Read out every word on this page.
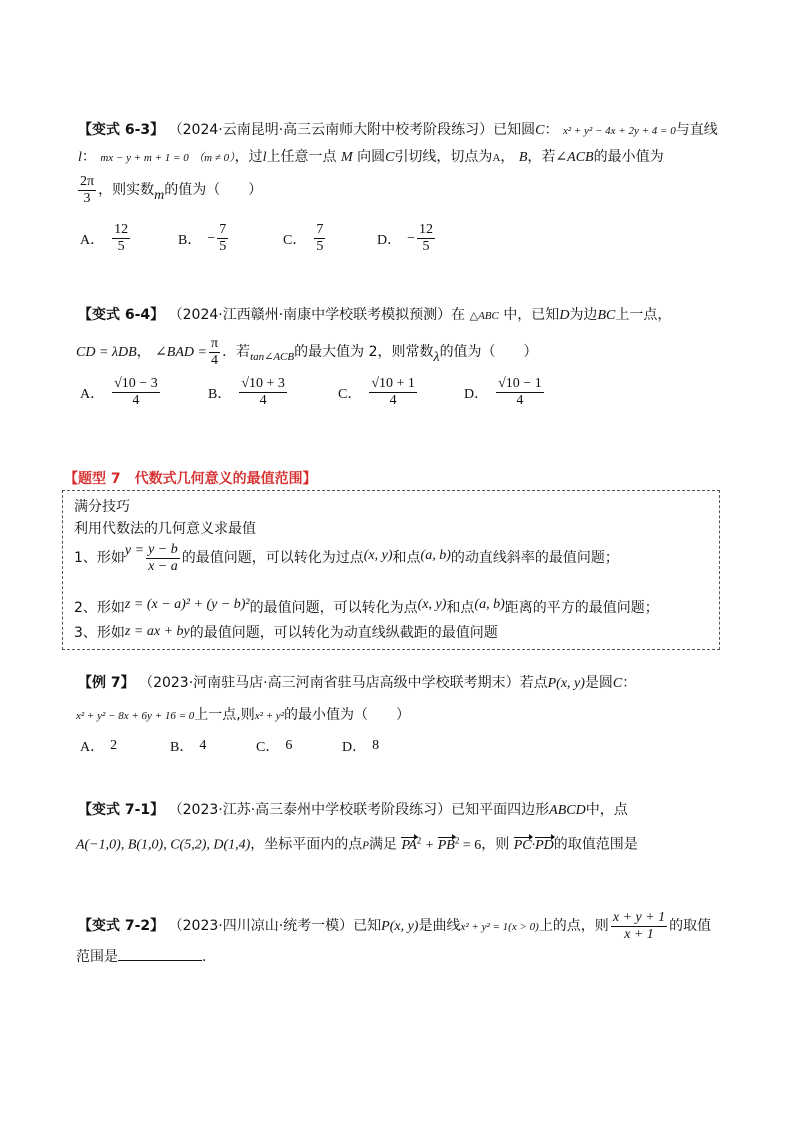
【变式 6-3】 （2024·云南昆明·高三云南师大附中校考阶段练习）已知圆C： x² + y² − 4x + 2y + 4 = 0与直线
l： mx − y + m + 1 = 0 （m ≠ 0），过l上任意一点 M 向圆C引切线，切点为A， B，若∠ACB的最小值为
$\frac{2\pi}{3}$ ，则实数m的值为（　　）
A． $\frac{12}{5}$	B． − $\frac{7}{5}$	C． $\frac{7}{5}$	D． − $\frac{12}{5}$
【变式 6-4】 （2024·江西赣州·南康中学校联考模拟预测）在 △ABC 中，已知D为边BC上一点，
CD = λDB， ∠BAD = $\frac{\pi}{4}$ ．若$_{tan\angle ACB}$的最大值为 2，则常数λ的值为（　　）
A． $\frac{√10 - 3}{4}$	B． $\frac{√10 + 3}{4}$	C． $\frac{√10 + 1}{4}$	D． $\frac{√10 - 1}{4}$
【题型 7　代数式几何意义的最值范围】
满分技巧
利用代数法的几何意义求最值
1、形如$y = \frac{y - b}{x - a}$ 的最值问题，可以转化为过点(x, y)和点(a, b)的动直线斜率的最值问题；
2、形如z = (x − a)² + (y − b)²的最值问题，可以转化为点(x, y)和点(a, b)距离的平方的最值问题；
3、形如z = ax + by的最值问题，可以转化为动直线纵截距的最值问题
【例 7】 （2023·河南驻马店·高三河南省驻马店高级中学校联考期末）若点P(x, y)是圆C：
x² + y² − 8x + 6y + 16 = 0上一点,则x² + y²的最小值为（　　）
A． 2	B． 4	C． 6	D． 8
【变式 7-1】 （2023·江苏·高三泰州中学校联考阶段练习）已知平面四边形ABCD中，点
A(−1,0), B(1,0), C(5,2), D(1,4)，坐标平面内的点P满足 $PA^2 + PB^2 = 6$，则 PC·PD的取值范围是
【变式 7-2】 （2023·四川凉山·统考一模）已知P(x, y)是曲线x² + y² = 1(x > 0)上的点，则 $\frac{x + y + 1}{x + 1}$ 的取值
范围是	.
